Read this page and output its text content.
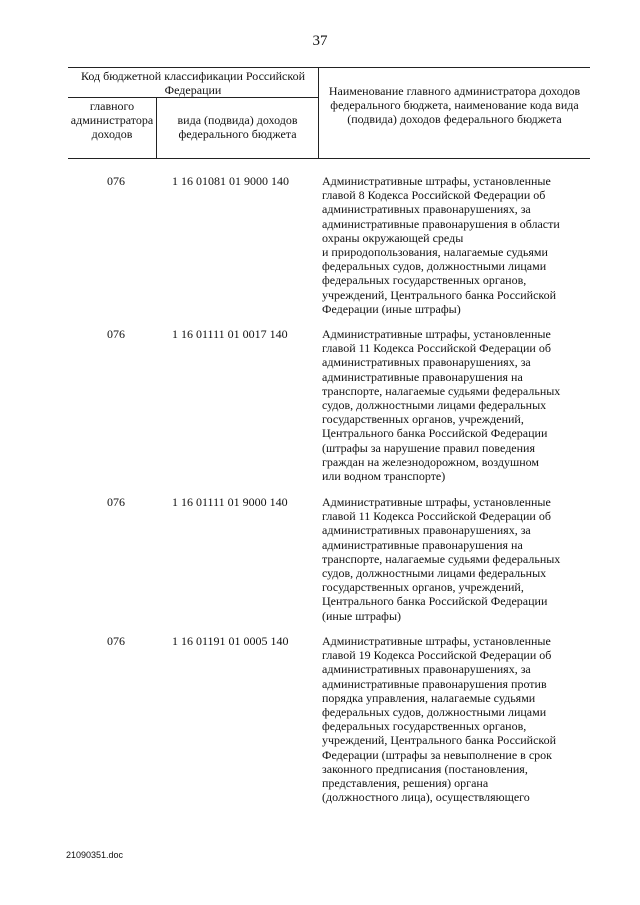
37
Код бюджетной классификации Российской Федерации
главного администратора доходов
вида (подвида) доходов федерального бюджета
Наименование главного администратора доходов федерального бюджета, наименование кода вида (подвида) доходов федерального бюджета
076	1 16 01081 01 9000 140	Административные штрафы, установленные
главой 8 Кодекса Российской Федерации об
административных правонарушениях, за
административные правонарушения в области
охраны окружающей среды
и природопользования, налагаемые судьями
федеральных судов, должностными лицами
федеральных государственных органов,
учреждений, Центрального банка Российской
Федерации (иные штрафы)
076	1 16 01111 01 0017 140	Административные штрафы, установленные
главой 11 Кодекса Российской Федерации об
административных правонарушениях, за
административные правонарушения на
транспорте, налагаемые судьями федеральных
судов, должностными лицами федеральных
государственных органов, учреждений,
Центрального банка Российской Федерации
(штрафы за нарушение правил поведения
граждан на железнодорожном, воздушном
или водном транспорте)
076	1 16 01111 01 9000 140	Административные штрафы, установленные
главой 11 Кодекса Российской Федерации об
административных правонарушениях, за
административные правонарушения на
транспорте, налагаемые судьями федеральных
судов, должностными лицами федеральных
государственных органов, учреждений,
Центрального банка Российской Федерации
(иные штрафы)
076	1 16 01191 01 0005 140	Административные штрафы, установленные
главой 19 Кодекса Российской Федерации об
административных правонарушениях, за
административные правонарушения против
порядка управления, налагаемые судьями
федеральных судов, должностными лицами
федеральных государственных органов,
учреждений, Центрального банка Российской
Федерации (штрафы за невыполнение в срок
законного предписания (постановления,
представления, решения) органа
(должностного лица), осуществляющего
21090351.doc
